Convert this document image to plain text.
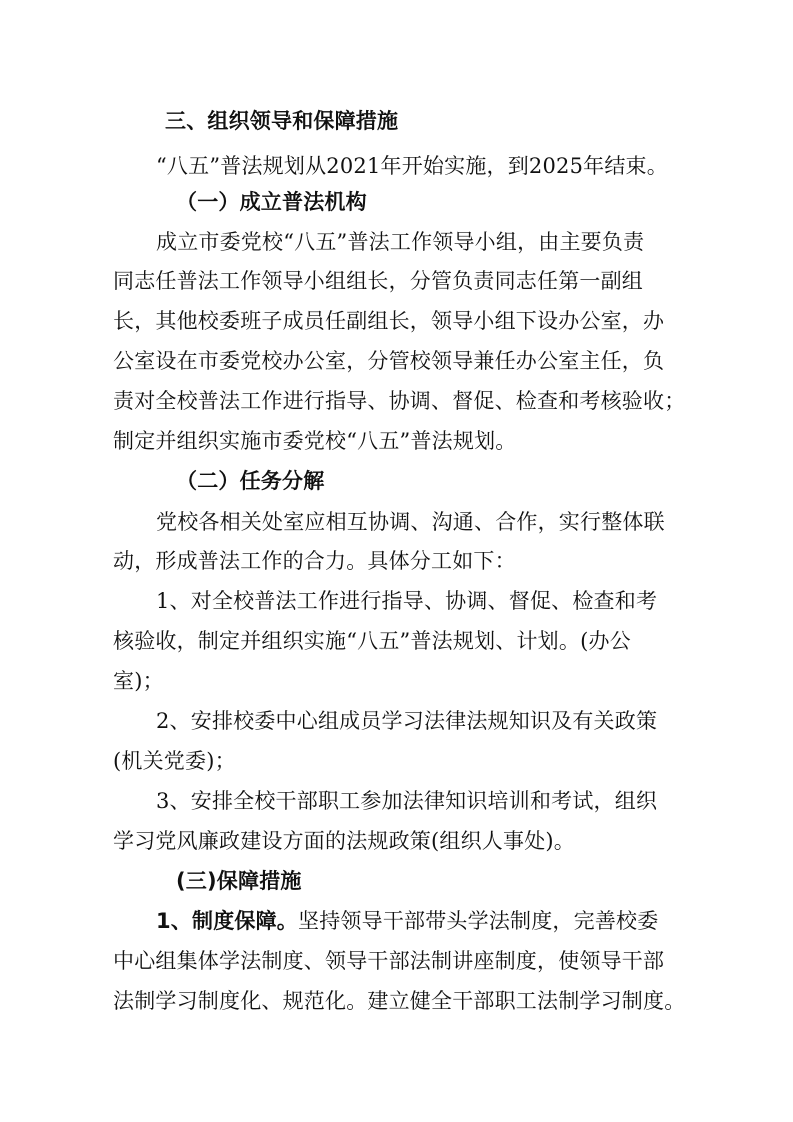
三、组织领导和保障措施
“八五”普法规划从2021年开始实施，到2025年结束。
（一）成立普法机构
成立市委党校“八五”普法工作领导小组，由主要负责
同志任普法工作领导小组组长，分管负责同志任第一副组
长，其他校委班子成员任副组长，领导小组下设办公室，办
公室设在市委党校办公室，分管校领导兼任办公室主任，负
责对全校普法工作进行指导、协调、督促、检查和考核验收；
制定并组织实施市委党校“八五”普法规划。
（二）任务分解
党校各相关处室应相互协调、沟通、合作，实行整体联
动，形成普法工作的合力。具体分工如下：
1、对全校普法工作进行指导、协调、督促、检查和考
核验收，制定并组织实施“八五”普法规划、计划。(办公
室)；
2、安排校委中心组成员学习法律法规知识及有关政策
(机关党委)；
3、安排全校干部职工参加法律知识培训和考试，组织
学习党风廉政建设方面的法规政策(组织人事处)。
(三)保障措施
1、制度保障。坚持领导干部带头学法制度，完善校委
中心组集体学法制度、领导干部法制讲座制度，使领导干部
法制学习制度化、规范化。建立健全干部职工法制学习制度。
